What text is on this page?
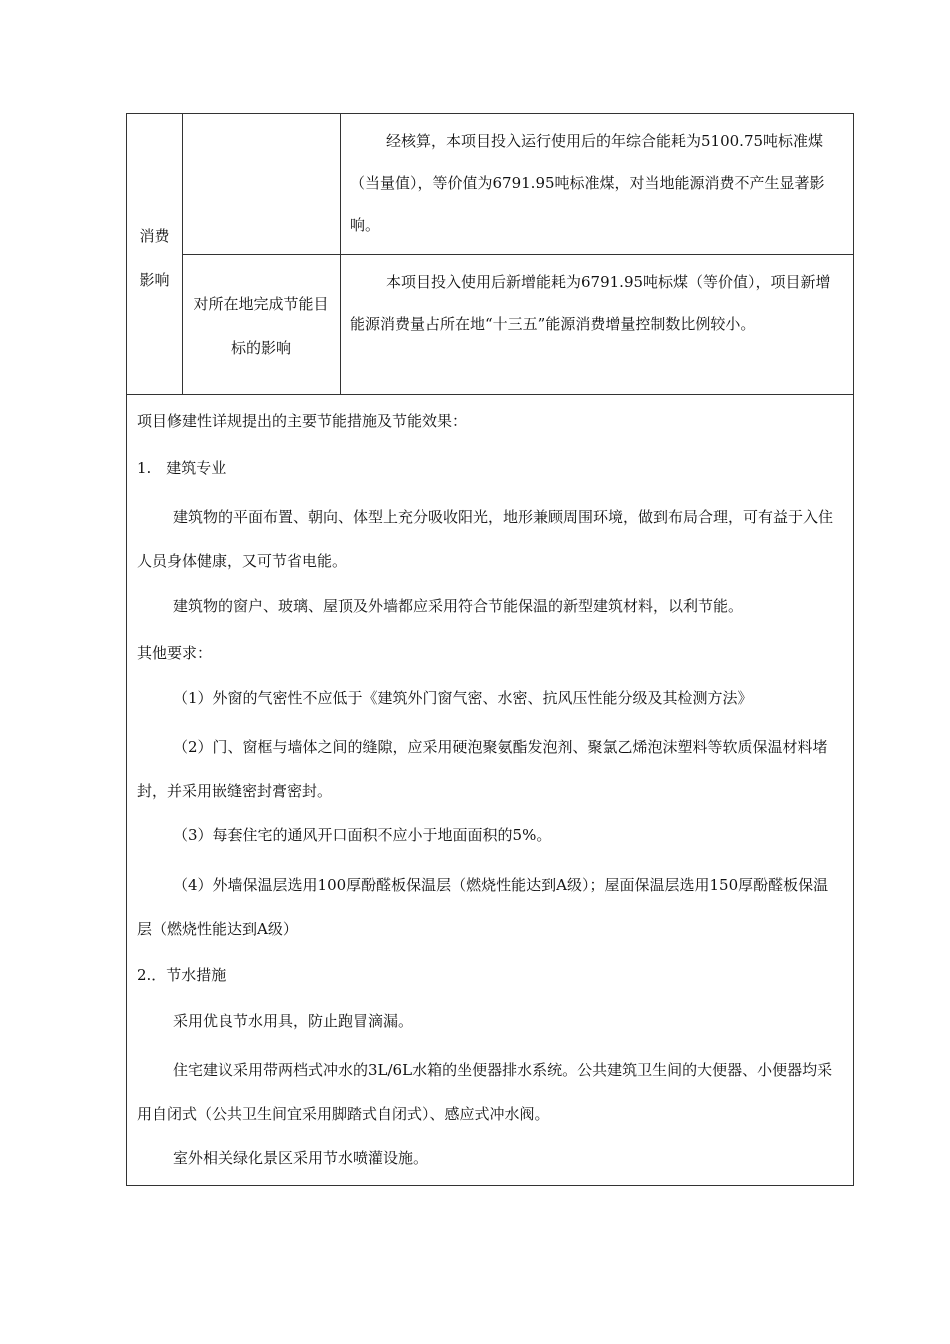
消费
影响
经核算，本项目投入运行使用后的年综合能耗为5100.75吨标准煤（当量值），等价值为6791.95吨标准煤，对当地能源消费不产生显著影响。
对所在地完成节能目标的影响
本项目投入使用后新增能耗为6791.95吨标煤（等价值），项目新增能源消费量占所在地“十三五”能源消费增量控制数比例较小。
项目修建性详规提出的主要节能措施及节能效果：
1.　建筑专业
建筑物的平面布置、朝向、体型上充分吸收阳光，地形兼顾周围环境，做到布局合理，可有益于入住人员身体健康，又可节省电能。
建筑物的窗户、玻璃、屋顶及外墙都应采用符合节能保温的新型建筑材料，以利节能。
其他要求：
（1）外窗的气密性不应低于《建筑外门窗气密、水密、抗风压性能分级及其检测方法》
（2）门、窗框与墙体之间的缝隙，应采用硬泡聚氨酯发泡剂、聚氯乙烯泡沫塑料等软质保温材料堵封，并采用嵌缝密封膏密封。
（3）每套住宅的通风开口面积不应小于地面面积的5%。
（4）外墙保温层选用100厚酚醛板保温层（燃烧性能达到A级）；屋面保温层选用150厚酚醛板保温层（燃烧性能达到A级）
2.．节水措施
采用优良节水用具，防止跑冒滴漏。
住宅建议采用带两档式冲水的3L/6L水箱的坐便器排水系统。公共建筑卫生间的大便器、小便器均采用自闭式（公共卫生间宜采用脚踏式自闭式）、感应式冲水阀。
室外相关绿化景区采用节水喷灌设施。
